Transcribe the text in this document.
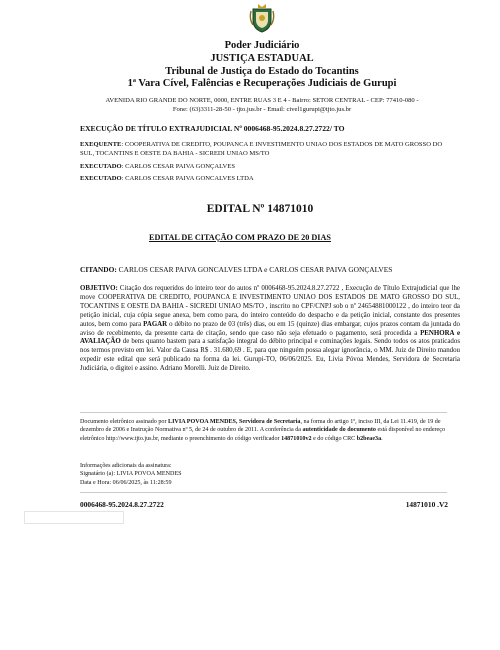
Poder Judiciário
JUSTIÇA ESTADUAL
Tribunal de Justiça do Estado do Tocantins
1ª Vara Cível, Falências e Recuperações Judiciais de Gurupi
AVENIDA RIO GRANDE DO NORTE, 0000, ENTRE RUAS 3 E 4 - Bairro: SETOR CENTRAL - CEP: 77410-080 -
Fone: (63)3311-28-50 - tjto.jus.br - Email: civel1gurupi@tjto.jus.br
EXECUÇÃO DE TÍTULO EXTRAJUDICIAL Nº 0006468-95.2024.8.27.2722/ TO
EXEQUENTE: COOPERATIVA DE CREDITO, POUPANCA E INVESTIMENTO UNIAO DOS ESTADOS DE MATO GROSSO DO SUL, TOCANTINS E OESTE DA BAHIA - SICREDI UNIAO MS/TO
EXECUTADO: CARLOS CESAR PAIVA GONÇALVES
EXECUTADO: CARLOS CESAR PAIVA GONCALVES LTDA
EDITAL Nº 14871010
EDITAL DE CITAÇÃO COM PRAZO DE 20 DIAS
CITANDO: CARLOS CESAR PAIVA GONCALVES LTDA e CARLOS CESAR PAIVA GONÇALVES
OBJETIVO: Citação dos requeridos do inteiro teor do autos nº 0006468-95.2024.8.27.2722 , Execução de Título Extrajudicial que lhe move COOPERATIVA DE CREDITO, POUPANCA E INVESTIMENTO UNIAO DOS ESTADOS DE MATO GROSSO DO SUL, TOCANTINS E OESTE DA BAHIA - SICREDI UNIAO MS/TO , inscrito no CPF/CNPJ sob o nº 24654881000122 , do inteiro teor da petição inicial, cuja cópia segue anexa, bem como para, do inteiro conteúdo do despacho e da petição inicial, constante dos presentes autos, bem como para PAGAR o débito no prazo de 03 (três) dias, ou em 15 (quinze) dias embargar, cujos prazos contam da juntada do aviso de recebimento, da presente carta de citação, sendo que caso não seja efetuado o pagamento, será procedida a PENHORA e AVALIAÇÃO de bens quanto bastem para a satisfação integral do débito principal e cominações legais. Sendo todos os atos praticados nos termos previsto em lei. Valor da Causa R$ . 31.680,69 . E, para que ninguém possa alegar ignorância, o MM. Juiz de Direito mandou expedir este edital que será publicado na forma da lei. Gurupi-TO, 06/06/2025. Eu, Livia Póvoa Mendes, Servidora de Secretaria Judiciária, o digitei e assino. Adriano Morelli. Juiz de Direito.
Documento eletrônico assinado por LIVIA POVOA MENDES, Servidora de Secretaria, na forma do artigo 1º, inciso III, da Lei 11.419, de 19 de dezembro de 2006 e Instrução Normativa nº 5, de 24 de outubro de 2011. A conferência da autenticidade do documento está disponível no endereço eletrônico http://www.tjto.jus.br, mediante o preenchimento do código verificador 14871010v2 e do código CRC b2beae3a.
Informações adicionais da assinatura:
Signatário (a): LIVIA POVOA MENDES
Data e Hora: 06/06/2025, às 11:28:59
0006468-95.2024.8.27.2722	14871010 .V2
